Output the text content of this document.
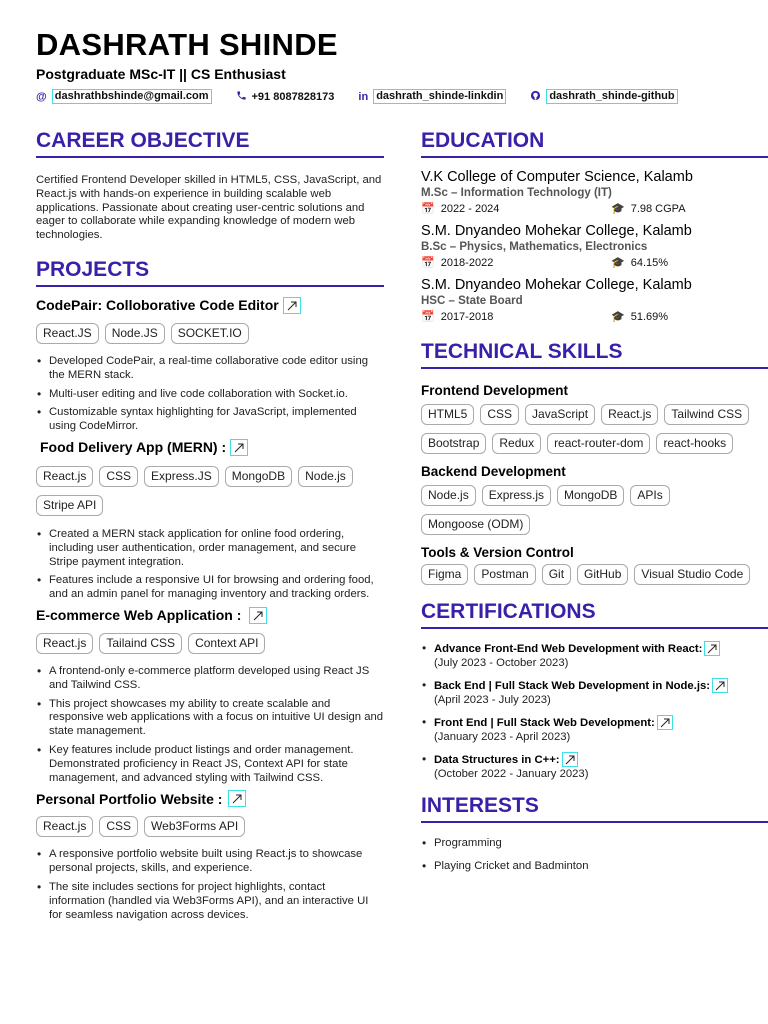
DASHRATH SHINDE
Postgraduate MSc-IT || CS Enthusiast
@ dashrathbshinde@gmail.com	+91 8087828173 in dashrath_shinde-linkdin	dashrath_shinde-github
CAREER OBJECTIVE
Certified Frontend Developer skilled in HTML5, CSS, JavaScript, and React.js with hands-on experience in building scalable web applications. Passionate about creating user-centric solutions and eager to collaborate while expanding knowledge of modern web technologies.
PROJECTS
CodePair: Colloborative Code Editor
React.JS	Node.JS	SOCKET.IO
• Developed CodePair, a real-time collaborative code editor using the MERN stack.
• Multi-user editing and live code collaboration with Socket.io.
• Customizable syntax highlighting for JavaScript, implemented using CodeMirror.
Food Delivery App (MERN) :
React.js	CSS	Express.JS	MongoDB	Node.js
Stripe API
• Created a MERN stack application for online food ordering, including user authentication, order management, and secure Stripe payment integration.
• Features include a responsive UI for browsing and ordering food, and an admin panel for managing inventory and tracking orders.
E-commerce Web Application :
React.js	Tailaind CSS	Context API
• A frontend-only e-commerce platform developed using React JS and Tailwind CSS.
• This project showcases my ability to create scalable and responsive web applications with a focus on intuitive UI design and state management.
• Key features include product listings and order management. Demonstrated proficiency in React JS, Context API for state management, and advanced styling with Tailwind CSS.
Personal Portfolio Website :
React.js	CSS	Web3Forms API
• A responsive portfolio website built using React.js to showcase personal projects, skills, and experience.
• The site includes sections for project highlights, contact information (handled via Web3Forms API), and an interactive UI for seamless navigation across devices.
EDUCATION
V.K College of Computer Science, Kalamb
M.Sc – Information Technology (IT)
📅 2022 - 2024	🎓 7.98 CGPA
S.M. Dnyandeo Mohekar College, Kalamb
B.Sc – Physics, Mathematics, Electronics
📅 2018-2022	🎓 64.15%
S.M. Dnyandeo Mohekar College, Kalamb
HSC – State Board
📅 2017-2018	🎓 51.69%
TECHNICAL SKILLS
Frontend Development
HTML5	CSS	JavaScript	React.js	Tailwind CSS
Bootstrap	Redux	react-router-dom	react-hooks
Backend Development
Node.js	Express.js	MongoDB	APIs
Mongoose (ODM)
Tools & Version Control
Figma	Postman	Git	GitHub	Visual Studio Code
CERTIFICATIONS
• Advance Front-End Web Development with React:

(July 2023 - October 2023)
• Back End | Full Stack Web Development in Node.js:

(April 2023 - July 2023)
• Front End | Full Stack Web Development:

(January 2023 - April 2023)
• Data Structures in C++:

(October 2022 - January 2023)
INTERESTS
• Programming
• Playing Cricket and Badminton
